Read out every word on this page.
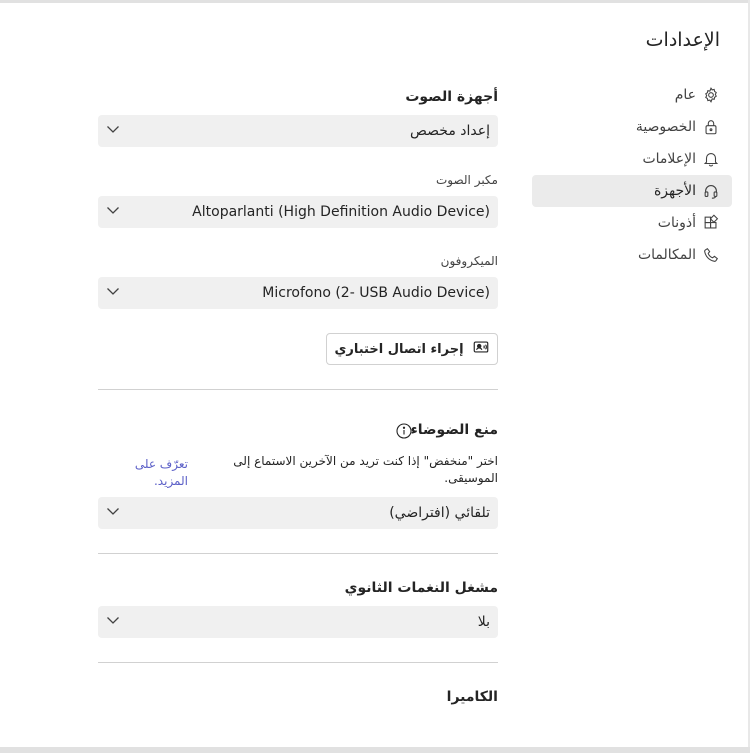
الإعدادات
عام
الخصوصية
الإعلامات
الأجهزة
أذونات
المكالمات
أجهزة الصوت
إعداد مخصص
مكبر الصوت
Altoparlanti (High Definition Audio Device)
الميكروفون
Microfono (2- USB Audio Device)
إجراء اتصال اختباري
منع الضوضاء
اختر "منخفض" إذا كنت تريد من الآخرين الاستماع إلى الموسيقى.
تعرّف على المزيد.
تلقائي (افتراضي)
مشغل النغمات الثانوي
بلا
الكاميرا
